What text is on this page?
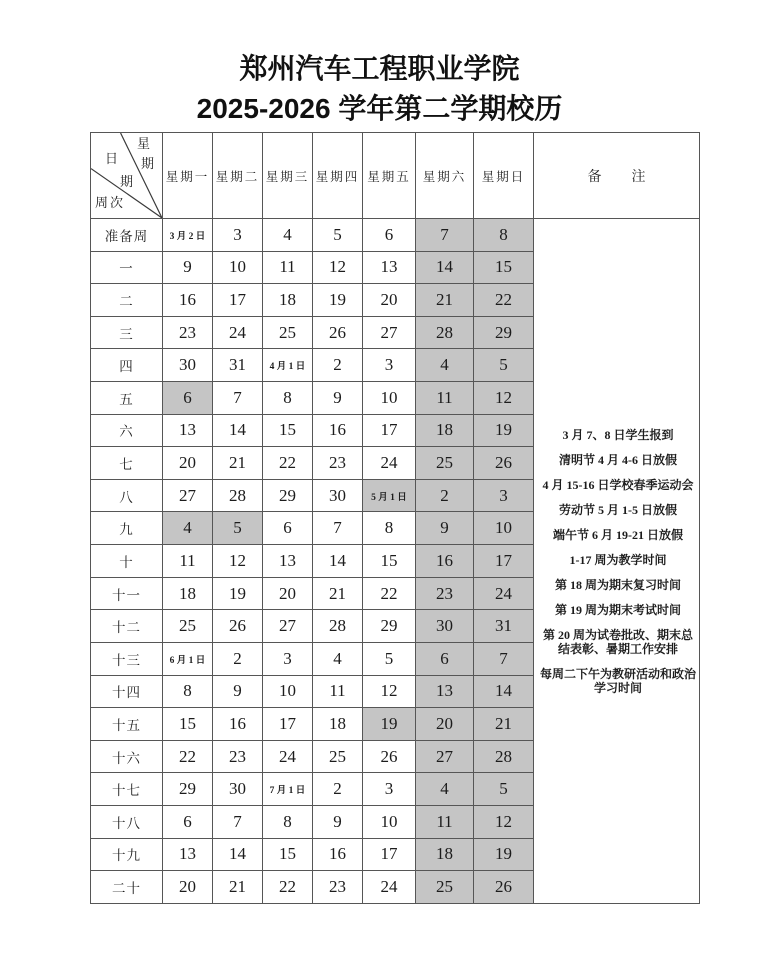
郑州汽车工程职业学院
2025-2026 学年第二学期校历
星
期
日
期
周次	星期一	星期二	星期三	星期四	星期五	星期六	星期日	备 注
准备周	3 月 2 日	3	4	5	6	7	8	
3 月 7、8 日学生报到
清明节 4 月 4-6 日放假
4 月 15-16 日学校春季运动会
劳动节 5 月 1-5 日放假
端午节 6 月 19-21 日放假
1-17 周为教学时间
第 18 周为期末复习时间
第 19 周为期末考试时间
第 20 周为试卷批改、期末总结表彰、暑期工作安排
每周二下午为教研活动和政治学习时间

一	9	10	11	12	13	14	15	
二	16	17	18	19	20	21	22	
三	23	24	25	26	27	28	29	
四	30	31	4 月 1 日	2	3	4	5	
五	6	7	8	9	10	11	12	
六	13	14	15	16	17	18	19	
七	20	21	22	23	24	25	26	
八	27	28	29	30	5 月 1 日	2	3	
九	4	5	6	7	8	9	10	
十	11	12	13	14	15	16	17	
十一	18	19	20	21	22	23	24	
十二	25	26	27	28	29	30	31	
十三	6 月 1 日	2	3	4	5	6	7	
十四	8	9	10	11	12	13	14	
十五	15	16	17	18	19	20	21	
十六	22	23	24	25	26	27	28	
十七	29	30	7 月 1 日	2	3	4	5	
十八	6	7	8	9	10	11	12	
十九	13	14	15	16	17	18	19	
二十	20	21	22	23	24	25	26	
